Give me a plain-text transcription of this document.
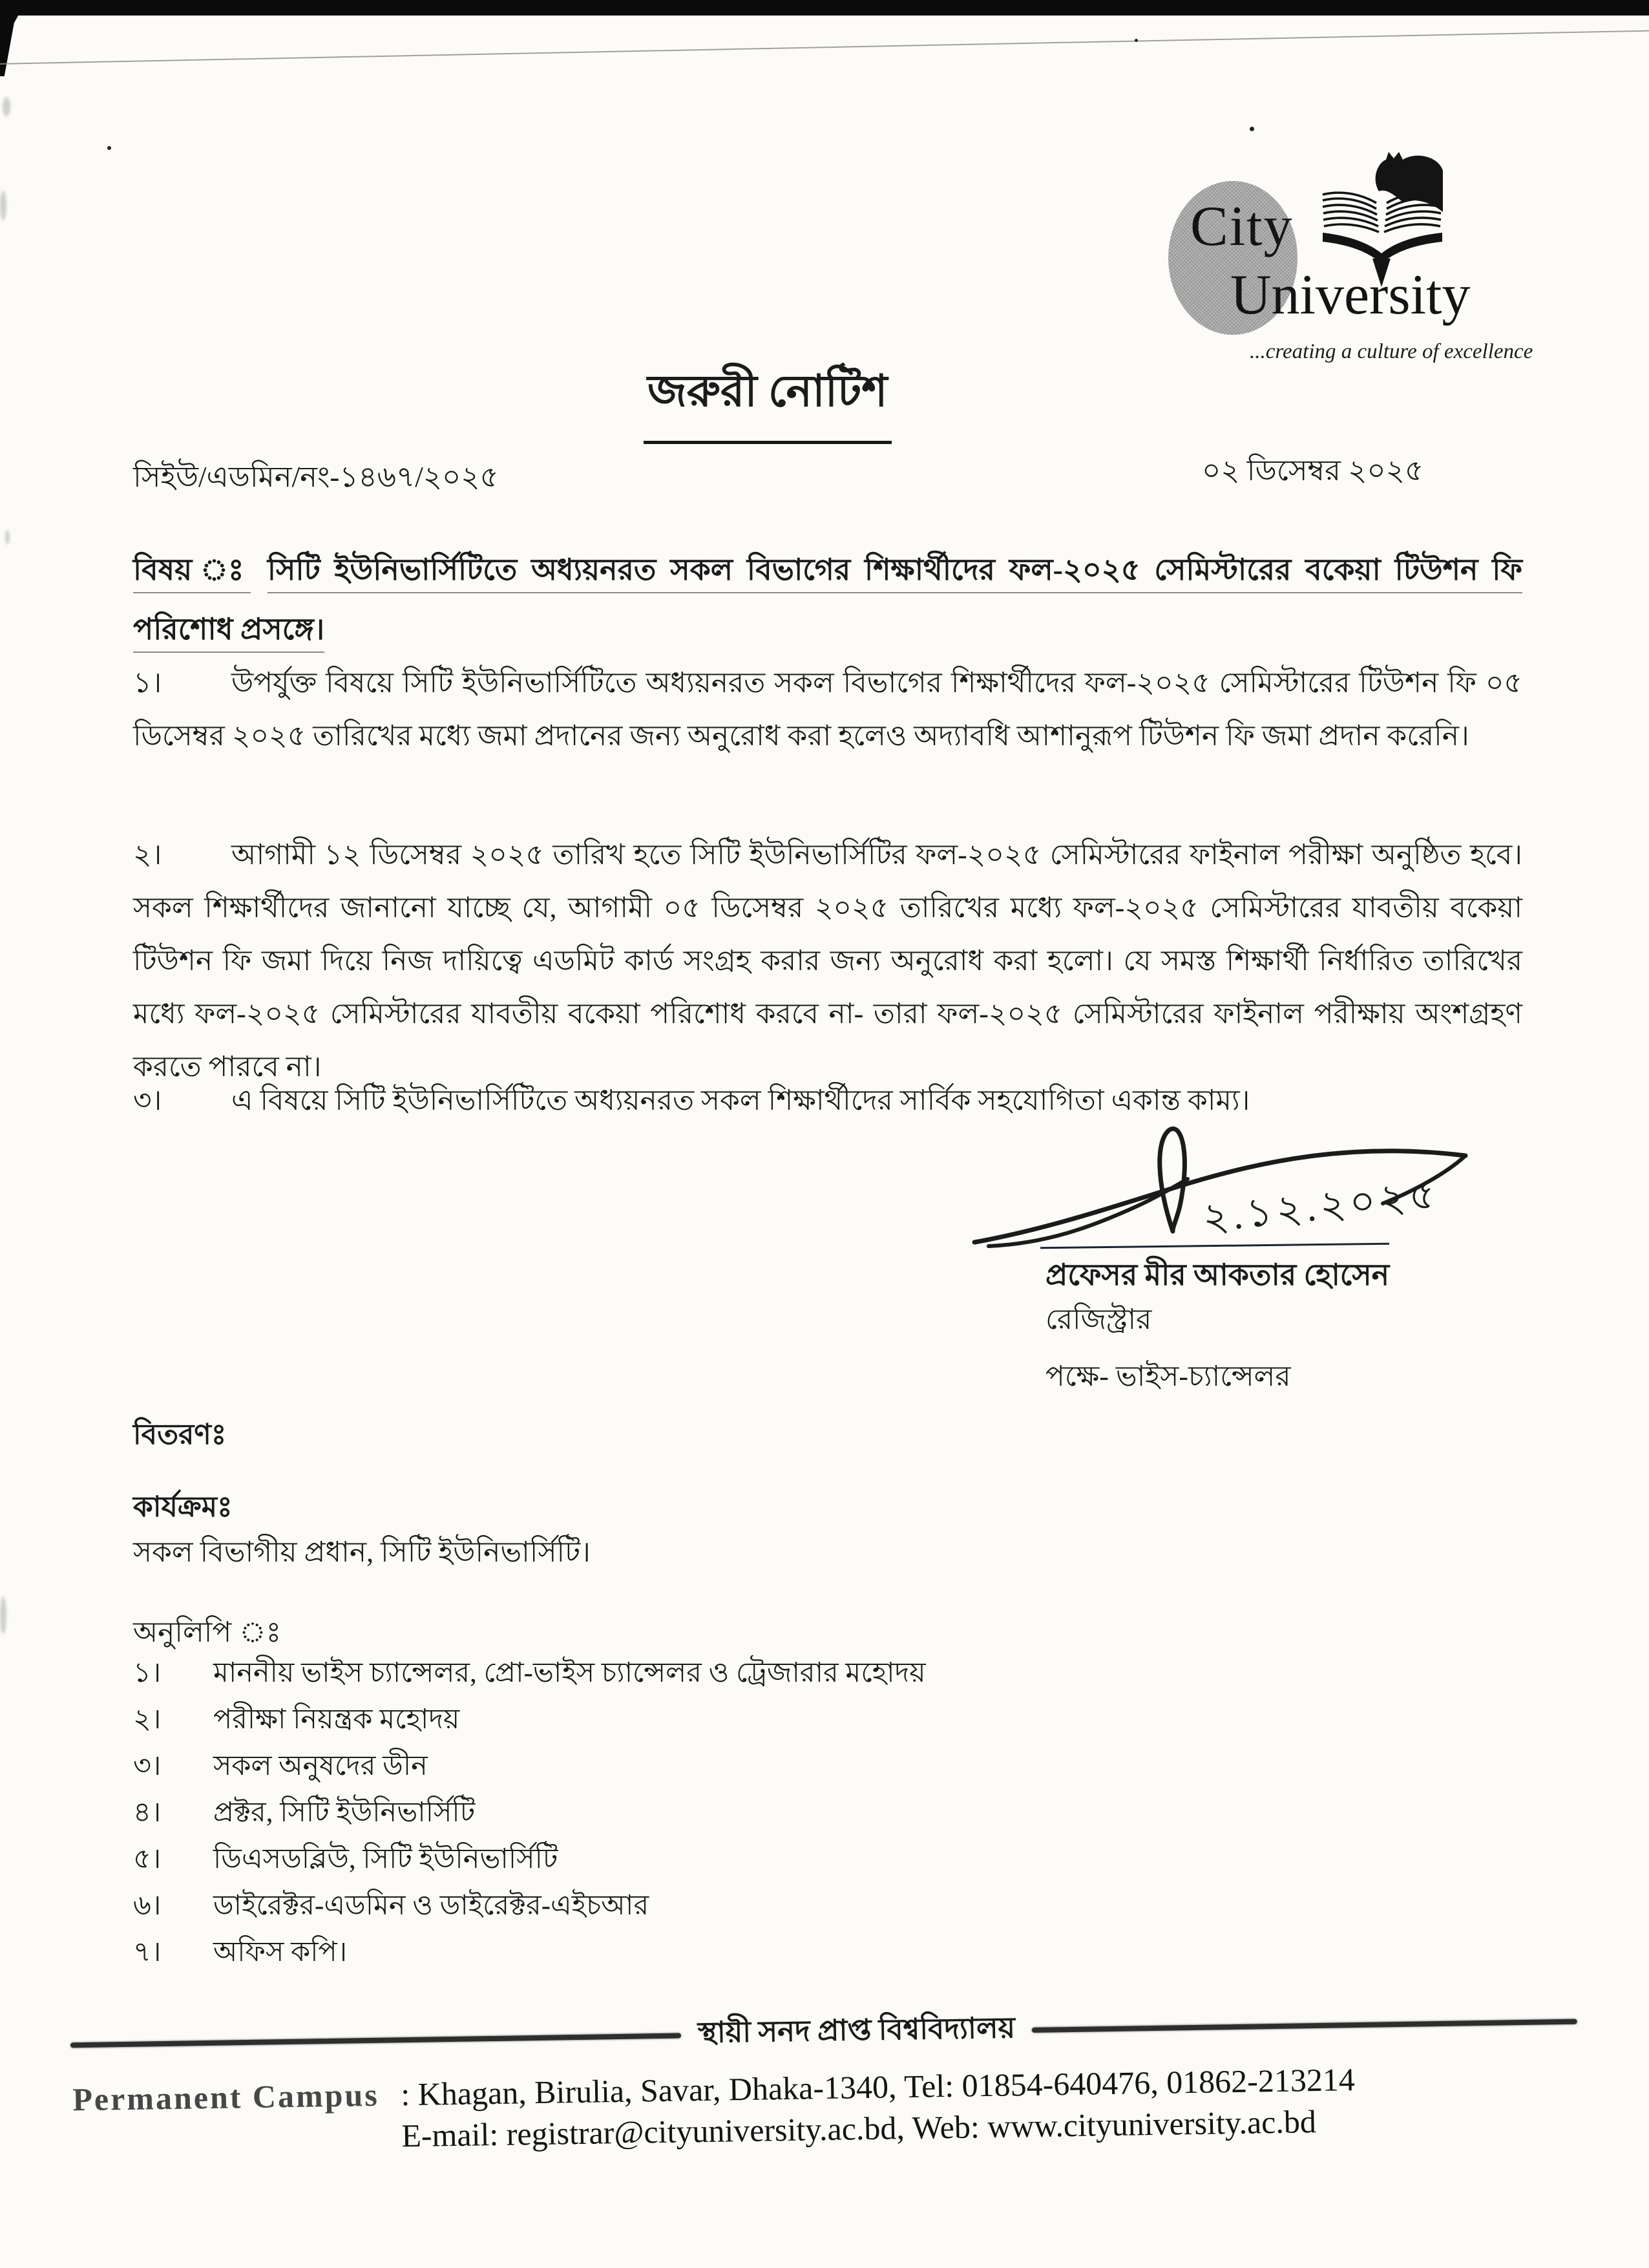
City
University
...creating a culture of excellence
জরুরী নোটিশ
সিইউ/এডমিন/নং-১৪৬৭/২০২৫	০২ ডিসেম্বর ২০২৫
বিষয় ঃ সিটি ইউনিভার্সিটিতে অধ্যয়নরত সকল বিভাগের শিক্ষার্থীদের ফল-২০২৫ সেমিস্টারের বকেয়া টিউশন ফি পরিশোধ প্রসঙ্গে।
১। উপর্যুক্ত বিষয়ে সিটি ইউনিভার্সিটিতে অধ্যয়নরত সকল বিভাগের শিক্ষার্থীদের ফল-২০২৫ সেমিস্টারের টিউশন ফি ০৫ ডিসেম্বর ২০২৫ তারিখের মধ্যে জমা প্রদানের জন্য অনুরোধ করা হলেও অদ্যাবধি আশানুরূপ টিউশন ফি জমা প্রদান করেনি।
২। আগামী ১২ ডিসেম্বর ২০২৫ তারিখ হতে সিটি ইউনিভার্সিটির ফল-২০২৫ সেমিস্টারের ফাইনাল পরীক্ষা অনুষ্ঠিত হবে। সকল শিক্ষার্থীদের জানানো যাচ্ছে যে, আগামী ০৫ ডিসেম্বর ২০২৫ তারিখের মধ্যে ফল-২০২৫ সেমিস্টারের যাবতীয় বকেয়া টিউশন ফি জমা দিয়ে নিজ দায়িত্বে এডমিট কার্ড সংগ্রহ করার জন্য অনুরোধ করা হলো। যে সমস্ত শিক্ষার্থী নির্ধারিত তারিখের মধ্যে ফল-২০২৫ সেমিস্টারের যাবতীয় বকেয়া পরিশোধ করবে না- তারা ফল-২০২৫ সেমিস্টারের ফাইনাল পরীক্ষায় অংশগ্রহণ করতে পারবে না।
৩। এ বিষয়ে সিটি ইউনিভার্সিটিতে অধ্যয়নরত সকল শিক্ষার্থীদের সার্বিক সহযোগিতা একান্ত কাম্য।
২.১২.২০২৫
প্রফেসর মীর আকতার হোসেন
রেজিস্ট্রার
পক্ষে- ভাইস-চ্যান্সেলর
বিতরণঃ
কার্যক্রমঃ
সকল বিভাগীয় প্রধান, সিটি ইউনিভার্সিটি।
অনুলিপি ঃ
১।	মাননীয় ভাইস চ্যান্সেলর, প্রো-ভাইস চ্যান্সেলর ও ট্রেজারার মহোদয়
২।	পরীক্ষা নিয়ন্ত্রক মহোদয়
৩।	সকল অনুষদের ডীন
৪।	প্রক্টর, সিটি ইউনিভার্সিটি
৫।	ডিএসডব্লিউ, সিটি ইউনিভার্সিটি
৬।	ডাইরেক্টর-এডমিন ও ডাইরেক্টর-এইচআর
৭।	অফিস কপি।
স্থায়ী সনদ প্রাপ্ত বিশ্ববিদ্যালয়
Permanent Campus : Khagan, Birulia, Savar, Dhaka-1340, Tel: 01854-640476, 01862-213214
E-mail: registrar@cityuniversity.ac.bd, Web: www.cityuniversity.ac.bd
